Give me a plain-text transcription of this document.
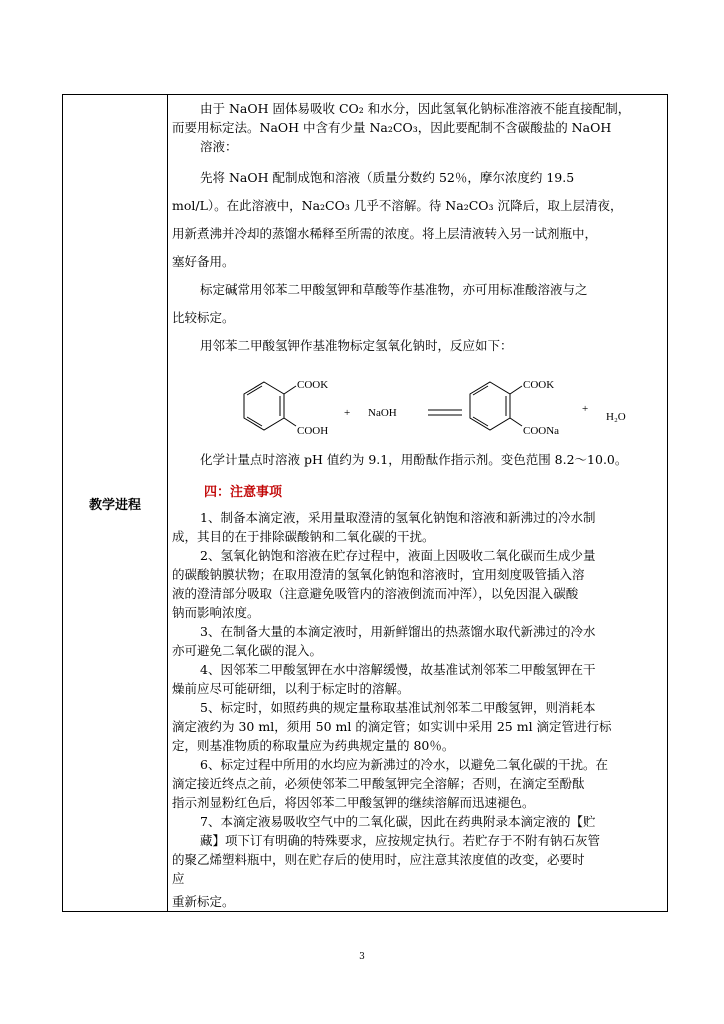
教学进程	

由于 NaOH 固体易吸收 CO₂ 和水分，因此氢氧化钠标准溶液不能直接配制，

而要用标定法。NaOH 中含有少量 Na₂CO₃，因此要配制不含碳酸盐的 NaOH

溶液：

先将 NaOH 配制成饱和溶液（质量分数约 52％，摩尔浓度约 19.5

mol/L）。在此溶液中，Na₂CO₃ 几乎不溶解。待 Na₂CO₃ 沉降后，取上层清夜，

用新煮沸并冷却的蒸馏水稀释至所需的浓度。将上层清液转入另一试剂瓶中，

塞好备用。

标定碱常用邻苯二甲酸氢钾和草酸等作基准物，亦可用标准酸溶液与之

比较标定。

用邻苯二甲酸氢钾作基准物标定氢氧化钠时，反应如下：

COOK
COOH
+ NaOH
COOK
COONa
+
H₂O

化学计量点时溶液 pH 值约为 9.1，用酚酞作指示剂。变色范围 8.2～10.0。

四：注意事项

1、制备本滴定液，采用量取澄清的氢氧化钠饱和溶液和新沸过的冷水制

成，其目的在于排除碳酸钠和二氧化碳的干扰。

2、氢氧化钠饱和溶液在贮存过程中，液面上因吸收二氧化碳而生成少量

的碳酸钠膜状物；在取用澄清的氢氧化钠饱和溶液时，宜用刻度吸管插入溶

液的澄清部分吸取（注意避免吸管内的溶液倒流而冲浑），以免因混入碳酸

钠而影响浓度。

3、在制备大量的本滴定液时，用新鲜馏出的热蒸馏水取代新沸过的冷水

亦可避免二氧化碳的混入。

4、因邻苯二甲酸氢钾在水中溶解缓慢，故基准试剂邻苯二甲酸氢钾在干

燥前应尽可能研细，以利于标定时的溶解。

5、标定时，如照药典的规定量称取基准试剂邻苯二甲酸氢钾，则消耗本

滴定液约为 30 ml，须用 50 ml 的滴定管；如实训中采用 25 ml 滴定管进行标

定，则基准物质的称取量应为药典规定量的 80％。

6、标定过程中所用的水均应为新沸过的冷水，以避免二氧化碳的干扰。在

滴定接近终点之前，必须使邻苯二甲酸氢钾完全溶解；否则，在滴定至酚酞

指示剂显粉红色后，将因邻苯二甲酸氢钾的继续溶解而迅速褪色。

7、本滴定液易吸收空气中的二氧化碳，因此在药典附录本滴定液的【贮

藏】项下订有明确的特殊要求，应按规定执行。若贮存于不附有钠石灰管

的聚乙烯塑料瓶中，则在贮存后的使用时，应注意其浓度值的改变，必要时

应

重新标定。

3
